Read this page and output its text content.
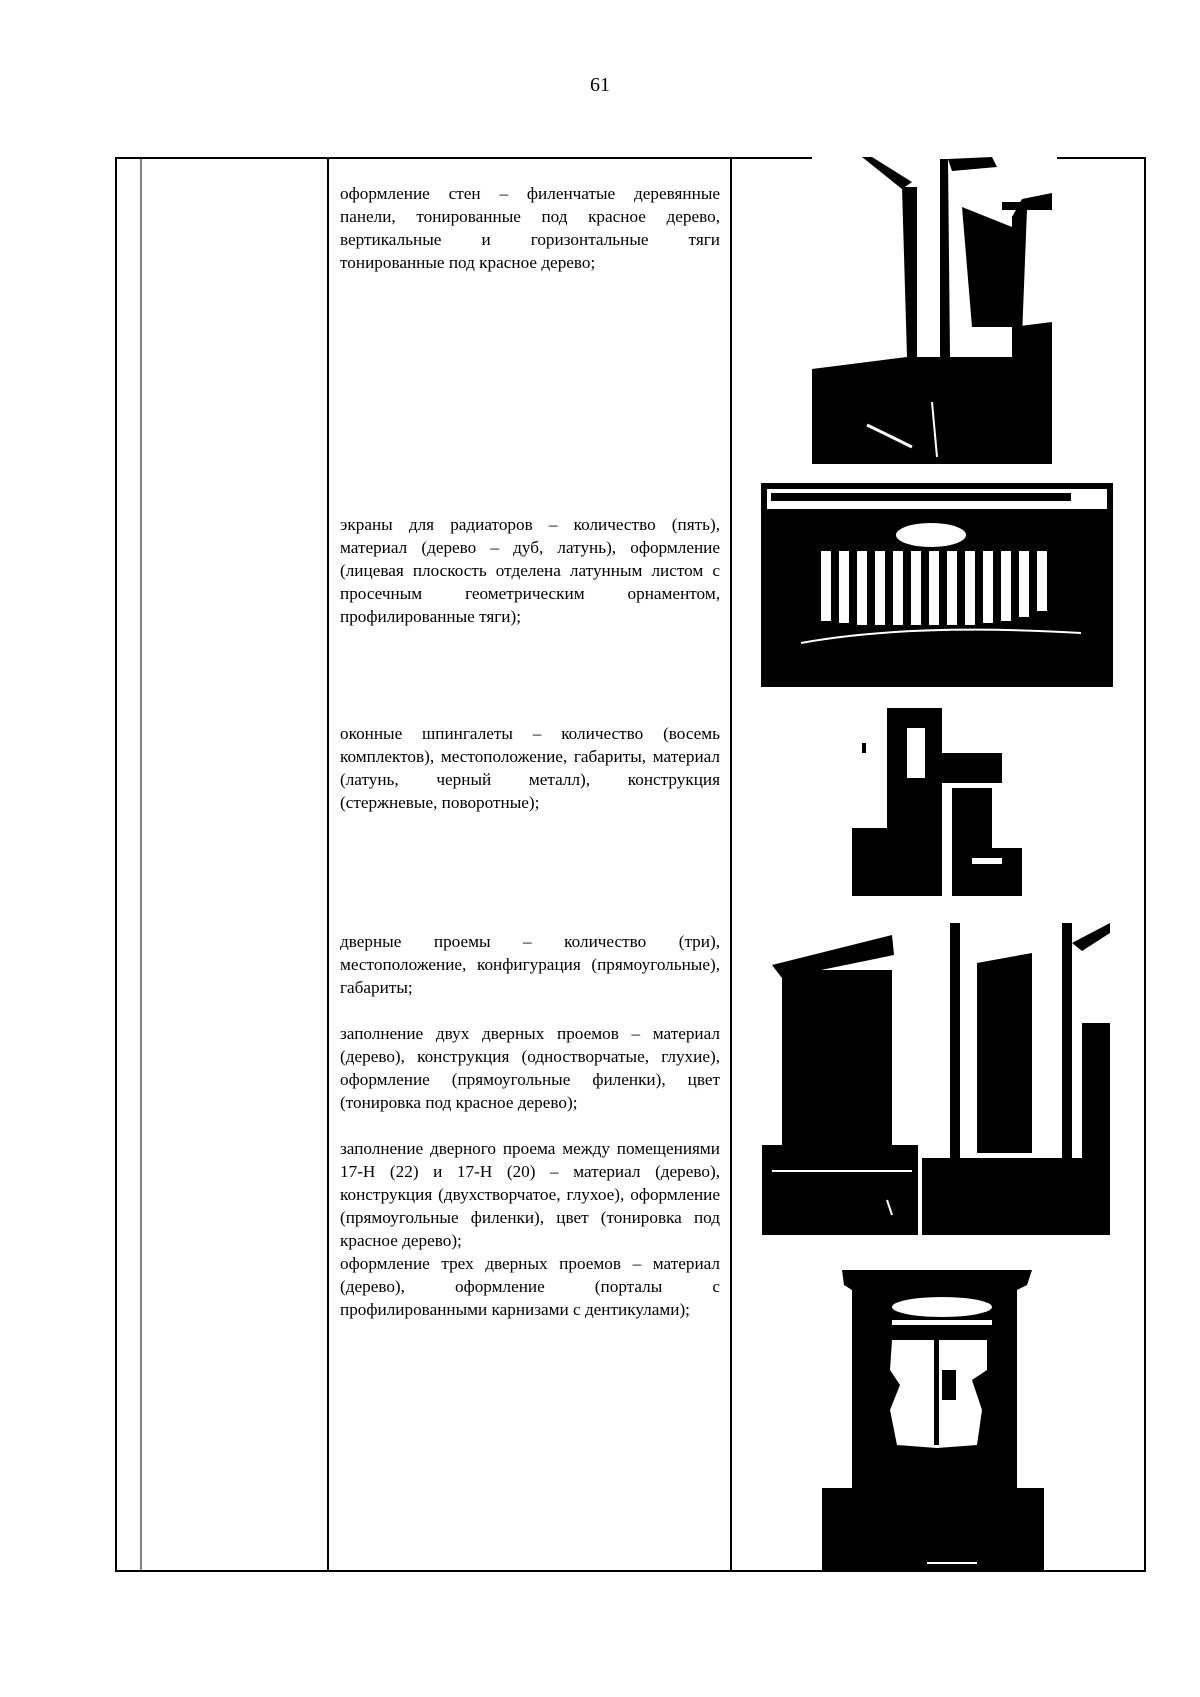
61

оформление стен – филенчатые деревянные панели, тонированные под красное дерево, вертикальные и горизонтальные тяги тонированные под красное дерево;

экраны для радиаторов – количество (пять), материал (дерево – дуб, латунь), оформление (лицевая плоскость отделена латунным листом с просечным геометрическим орнаментом, профилированные тяги);

оконные шпингалеты – количество (восемь комплектов), местоположение, габариты, материал (латунь, черный металл), конструкция (стержневые, поворотные);

дверные проемы – количество (три), местоположение, конфигурация (прямоугольные), габариты;

заполнение двух дверных проемов – материал (дерево), конструкция (одностворчатые, глухие), оформление (прямоугольные филенки), цвет (тонировка под красное дерево);

заполнение дверного проема между помещениями 17-Н (22) и 17-Н (20) – материал (дерево), конструкция (двухстворчатое, глухое), оформление (прямоугольные филенки), цвет (тонировка под красное дерево);

оформление трех дверных проемов – материал (дерево), оформление (порталы с профилированными карнизами с дентикулами);
